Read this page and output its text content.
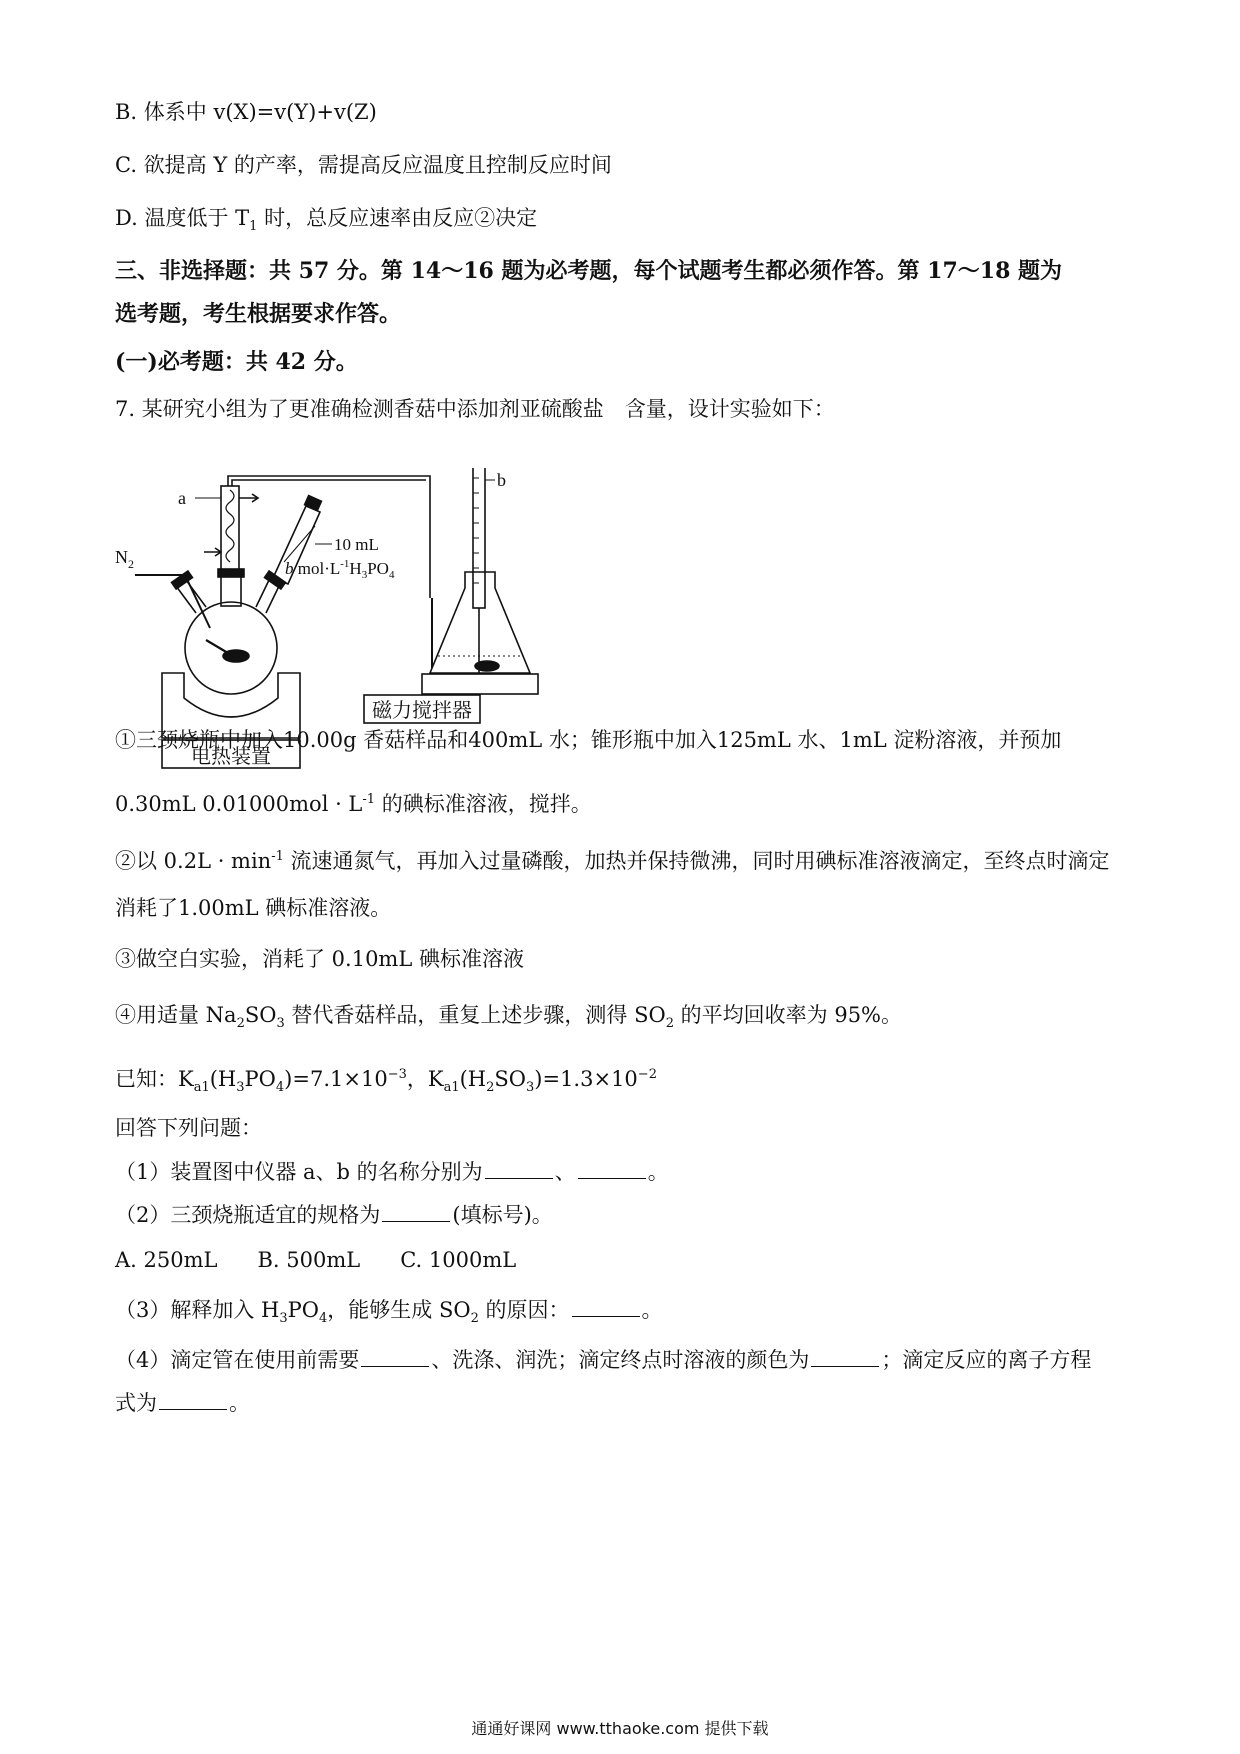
B. 体系中 v(X)=v(Y)+v(Z)
C. 欲提高 Y 的产率，需提高反应温度且控制反应时间
D. 温度低于 $T_1$ 时，总反应速率由反应②决定
三、非选择题：共 57 分。第 14～16 题为必考题，每个试题考生都必须作答。第 17～18 题为
选考题，考生根据要求作答。
(一)必考题：共 42 分。
7. 某研究小组为了更准确检测香菇中添加剂亚硫酸盐　含量，设计实验如下：
电热装置
$N_2$
a
10 mL
b $mol\cdot L^{-1}H_3PO_4$
b
磁力搅拌器
①三颈烧瓶中加入10.00g 香菇样品和400mL 水；锥形瓶中加入125mL 水、1mL 淀粉溶液，并预加
0.30mL $0.01000mol \cdot L^{-1}$ 的碘标准溶液，搅拌。
②以 $0.2L \cdot \min^{-1}$ 流速通氮气，再加入过量磷酸，加热并保持微沸，同时用碘标准溶液滴定，至终点时滴定
消耗了1.00mL 碘标准溶液。
③做空白实验，消耗了 0.10mL 碘标准溶液
④用适量 $Na_2SO_3$ 替代香菇样品，重复上述步骤，测得 $SO_2$ 的平均回收率为 95%。
已知：$K_{a1}(H_3PO_4)=7.1\times 10^{-3}$，$K_{a1}(H_2SO_3)=1.3\times 10^{-2}$
回答下列问题：
（1）装置图中仪器 a、b 的名称分别为	、	。
（2）三颈烧瓶适宜的规格为	(填标号)。
A. 250mL B. 500mL C. 1000mL
（3）解释加入 $H_3PO_4$，能够生成 $SO_2$ 的原因：	。
（4）滴定管在使用前需要	、洗涤、润洗；滴定终点时溶液的颜色为	；滴定反应的离子方程
式为	。
通通好课网 www.tthaoke.com 提供下载
